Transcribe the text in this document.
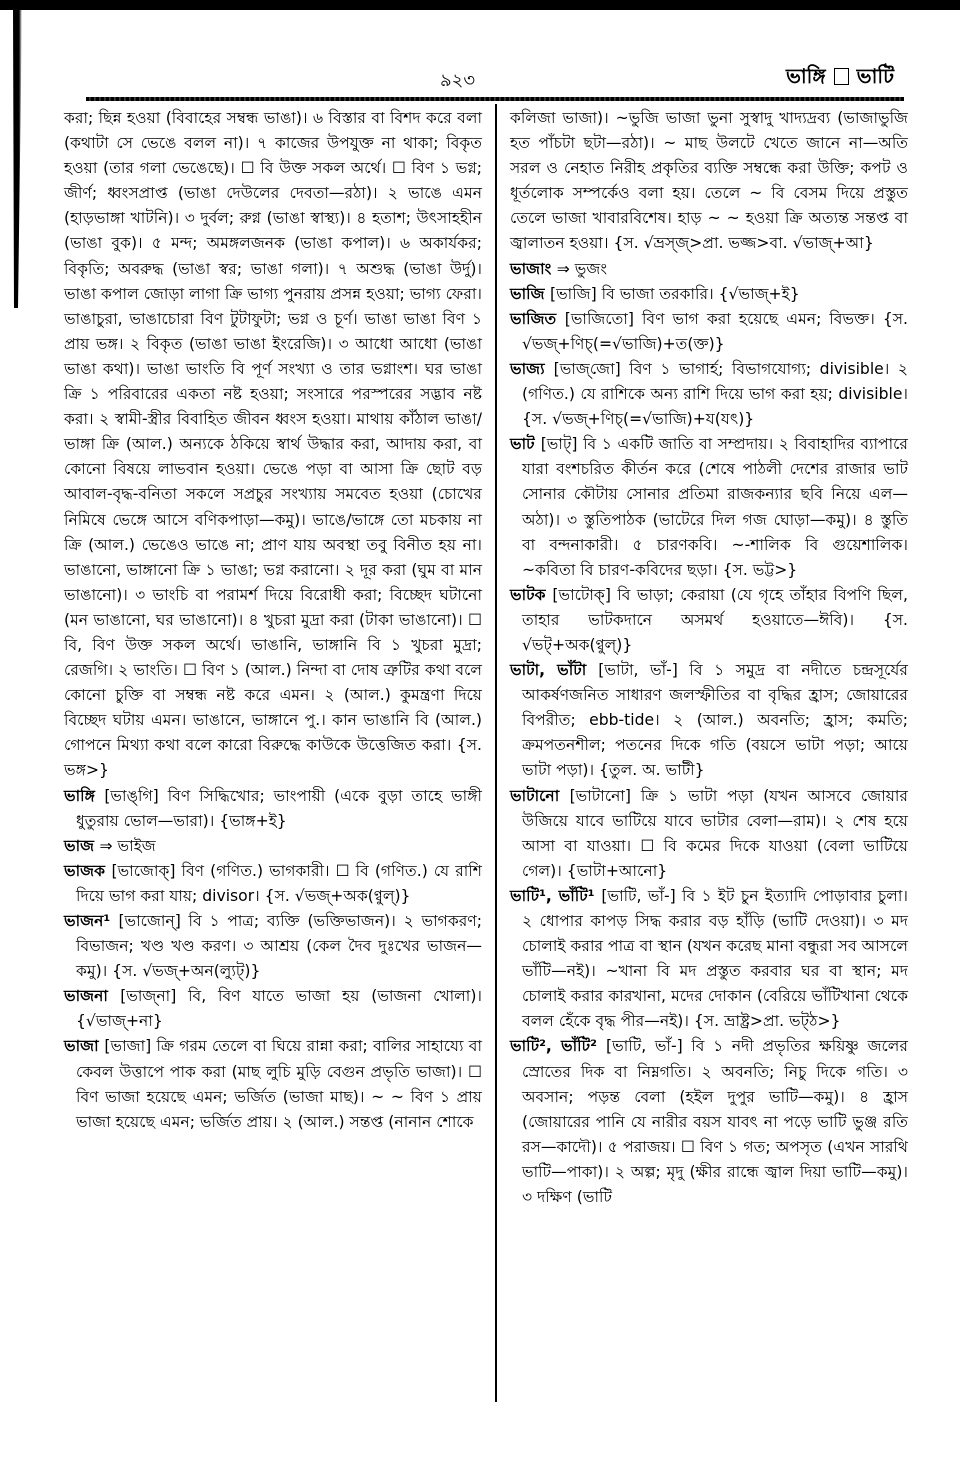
৯২৩	ভাঙ্গি ভাটি

করা; ছিন্ন হওয়া (বিবাহের সম্বন্ধ ভাঙা)। ৬ বিস্তার বা বিশদ করে বলা (কথাটা সে ভেঙে বলল না)। ৭ কাজের উপযুক্ত না থাকা; বিকৃত হওয়া (তার গলা ভেঙেছে)। ☐ বি উক্ত সকল অর্থে। ☐ বিণ ১ ভগ্ন; জীর্ণ; ধ্বংসপ্রাপ্ত (ভাঙা দেউলের দেবতা—রঠা)। ২ ভাঙে এমন (হাড়ভাঙ্গা খাটনি)। ৩ দুর্বল; রুগ্ন (ভাঙা স্বাস্থ্য)। ৪ হতাশ; উৎসাহহীন (ভাঙা বুক)। ৫ মন্দ; অমঙ্গলজনক (ভাঙা কপাল)। ৬ অকার্যকর; বিকৃতি; অবরুদ্ধ (ভাঙা স্বর; ভাঙা গলা)। ৭ অশুদ্ধ (ভাঙা উর্দু)। ভাঙা কপাল জোড়া লাগা ক্রি ভাগ্য পুনরায় প্রসন্ন হওয়া; ভাগ্য ফেরা। ভাঙাচুরা, ভাঙাচোরা বিণ টুটাফুটা; ভগ্ন ও চূর্ণ। ভাঙা ভাঙা বিণ ১ প্রায় ভঙ্গ। ২ বিকৃত (ভাঙা ভাঙা ইংরেজি)। ৩ আধো আধো (ভাঙা ভাঙা কথা)। ভাঙা ভাংতি বি পূর্ণ সংখ্যা ও তার ভগ্নাংশ। ঘর ভাঙা ক্রি ১ পরিবারের একতা নষ্ট হওয়া; সংসারে পরস্পরের সদ্ভাব নষ্ট করা। ২ স্বামী-স্ত্রীর বিবাহিত জীবন ধ্বংস হওয়া। মাথায় কাঁঠাল ভাঙা/ভাঙ্গা ক্রি (আল.) অন্যকে ঠকিয়ে স্বার্থ উদ্ধার করা, আদায় করা, বা কোনো বিষয়ে লাভবান হওয়া। ভেঙে পড়া বা আসা ক্রি ছোট বড় আবাল-বৃদ্ধ-বনিতা সকলে সপ্রচুর সংখ্যায় সমবেত হওয়া (চোখের নিমিষে ভেঙ্গে আসে বণিকপাড়া—কমু)। ভাঙে/ভাঙ্গে তো মচকায় না ক্রি (আল.) ভেঙেও ভাঙে না; প্রাণ যায় অবস্থা তবু বিনীত হয় না। ভাঙানো, ভাঙ্গানো ক্রি ১ ভাঙা; ভগ্ন করানো। ২ দূর করা (ঘুম বা মান ভাঙানো)। ৩ ভাংচি বা পরামর্শ দিয়ে বিরোধী করা; বিচ্ছেদ ঘটানো (মন ভাঙানো, ঘর ভাঙানো)। ৪ খুচরা মুদ্রা করা (টাকা ভাঙানো)। ☐ বি, বিণ উক্ত সকল অর্থে। ভাঙানি, ভাঙ্গানি বি ১ খুচরা মুদ্রা; রেজগি। ২ ভাংতি। ☐ বিণ ১ (আল.) নিন্দা বা দোষ ত্রুটির কথা বলে কোনো চুক্তি বা সম্বন্ধ নষ্ট করে এমন। ২ (আল.) কুমন্ত্রণা দিয়ে বিচ্ছেদ ঘটায় এমন। ভাঙানে, ভাঙ্গানে পু.। কান ভাঙানি বি (আল.) গোপনে মিথ্যা কথা বলে কারো বিরুদ্ধে কাউকে উত্তেজিত করা। {স. ভঙ্গ>}

ভাঙ্গি [ভাঙ্‌গি] বিণ সিদ্ধিখোর; ভাংপায়ী (একে বুড়া তাহে ভাঙ্গী ধুতুরায় ভোল—ভারা)। {ভাঙ্গ+ই}

ভাজ ⇒ ভাইজ

ভাজক [ভাজোক্] বিণ (গণিত.) ভাগকারী। ☐ বি (গণিত.) যে রাশি দিয়ে ভাগ করা যায়; divisor। {স. √ভজ্+অক(ণ্বুল্)}

ভাজন¹ [ভাজোন্] বি ১ পাত্র; ব্যক্তি (ভক্তিভাজন)। ২ ভাগকরণ; বিভাজন; খণ্ড খণ্ড করণ। ৩ আশ্রয় (কেল দৈব দুঃখের ভাজন—কমু)। {স. √ভজ্+অন(ল্যুট্)}

ভাজনা [ভাজ্‌না] বি, বিণ যাতে ভাজা হয় (ভাজনা খোলা)। {√ভাজ্+না}

ভাজা [ভাজা] ক্রি গরম তেলে বা ঘিয়ে রান্না করা; বালির সাহায্যে বা কেবল উত্তাপে পাক করা (মাছ লুচি মুড়ি বেগুন প্রভৃতি ভাজা)। ☐ বিণ ভাজা হয়েছে এমন; ভর্জিত (ভাজা মাছ)। ~ ~ বিণ ১ প্রায় ভাজা হয়েছে এমন; ভর্জিত প্রায়। ২ (আল.) সন্তপ্ত (নানান শোকে

কলিজা ভাজা)। ~ভুজি ভাজা ভুনা সুস্বাদু খাদ্যদ্রব্য (ভাজাভুজি হত পাঁচটা ছটা—রঠা)। ~ মাছ উলটে খেতে জানে না—অতি সরল ও নেহাত নিরীহ প্রকৃতির ব্যক্তি সম্বন্ধে করা উক্তি; কপট ও ধূর্তলোক সম্পর্কেও বলা হয়। তেলে ~ বি বেসম দিয়ে প্রস্তুত তেলে ভাজা খাবারবিশেষ। হাড় ~ ~ হওয়া ক্রি অত্যন্ত সন্তপ্ত বা জ্বালাতন হওয়া। {স. √ভ্রস্‌জ্>প্রা. ভজ্জ>বা. √ভাজ্+আ}

ভাজাং ⇒ ভুজং

ভাজি [ভাজি] বি ভাজা তরকারি। {√ভাজ্+ই}

ভাজিত [ভাজিতো] বিণ ভাগ করা হয়েছে এমন; বিভক্ত। {স. √ভজ্+ণিচ্(=√ভাজি)+ত(ক্ত)}

ভাজ্য [ভাজ্‌জো] বিণ ১ ভাগার্হ; বিভাগযোগ্য; divisible। ২ (গণিত.) যে রাশিকে অন্য রাশি দিয়ে ভাগ করা হয়; divisible। {স. √ভজ্+ণিচ্(=√ভাজি)+য(যৎ)}

ভাট [ভাট্] বি ১ একটি জাতি বা সম্প্রদায়। ২ বিবাহাদির ব্যাপারে যারা বংশচরিত কীর্তন করে (শেষে পাঠলী দেশের রাজার ভাট সোনার কৌটায় সোনার প্রতিমা রাজকন্যার ছবি নিয়ে এল—অঠা)। ৩ স্তুতিপাঠক (ভাটেরে দিল গজ ঘোড়া—কমু)। ৪ স্তুতি বা বন্দনাকারী। ৫ চারণকবি। ~-শালিক বি গুয়েশালিক। ~কবিতা বি চারণ-কবিদের ছড়া। {স. ভট্ট>}

ভাটক [ভাটোক্] বি ভাড়া; কেরায়া (যে গৃহে তাঁহার বিপণি ছিল, তাহার ভাটকদানে অসমর্থ হওয়াতে—ঈবি)। {স. √ভট্+অক(ণ্বুল্)}

ভাটা, ভাঁটা [ভাটা, ভাঁ-] বি ১ সমুদ্র বা নদীতে চন্দ্রসূর্যের আকর্ষণজনিত সাধারণ জলস্ফীতির বা বৃদ্ধির হ্রাস; জোয়ারের বিপরীত; ebb-tide। ২ (আল.) অবনতি; হ্রাস; কমতি; ক্রমপতনশীল; পতনের দিকে গতি (বয়সে ভাটা পড়া; আয়ে ভাটা পড়া)। {তুল. অ. ভাটী}

ভাটানো [ভাটানো] ক্রি ১ ভাটা পড়া (যখন আসবে জোয়ার উজিয়ে যাবে ভাটিয়ে যাবে ভাটার বেলা—রাম)। ২ শেষ হয়ে আসা বা যাওয়া। ☐ বি কমের দিকে যাওয়া (বেলা ভাটিয়ে গেল)। {ভাটা+আনো}

ভাটি¹, ভাঁটি¹ [ভাটি, ভাঁ-] বি ১ ইট চুন ইত্যাদি পোড়াবার চুলা। ২ ধোপার কাপড় সিদ্ধ করার বড় হাঁড়ি (ভাটি দেওয়া)। ৩ মদ চোলাই করার পাত্র বা স্থান (যখন করেছ মানা বন্ধুরা সব আসলে ভাঁটি—নই)। ~খানা বি মদ প্রস্তুত করবার ঘর বা স্থান; মদ চোলাই করার কারখানা, মদের দোকান (বেরিয়ে ভাঁটিখানা থেকে বলল হেঁকে বৃদ্ধ পীর—নই)। {স. ভ্রাষ্ট্র>প্রা. ভট্‌ঠ>}

ভাটি², ভাঁটি² [ভাটি, ভাঁ-] বি ১ নদী প্রভৃতির ক্ষয়িষ্ণু জলের স্রোতের দিক বা নিম্নগতি। ২ অবনতি; নিচু দিকে গতি। ৩ অবসান; পড়ন্ত বেলা (হইল দুপুর ভাটি—কমু)। ৪ হ্রাস (জোয়ারের পানি যে নারীর বয়স যাবৎ না পড়ে ভাটি ভুঞ্জ রতি রস—কাদৌ)। ৫ পরাজয়। ☐ বিণ ১ গত; অপসৃত (এখন সারথি ভাটি—পাকা)। ২ অল্প; মৃদু (ক্ষীর রান্ধে জ্বাল দিয়া ভাটি—কমু)। ৩ দক্ষিণ (ভাটি
